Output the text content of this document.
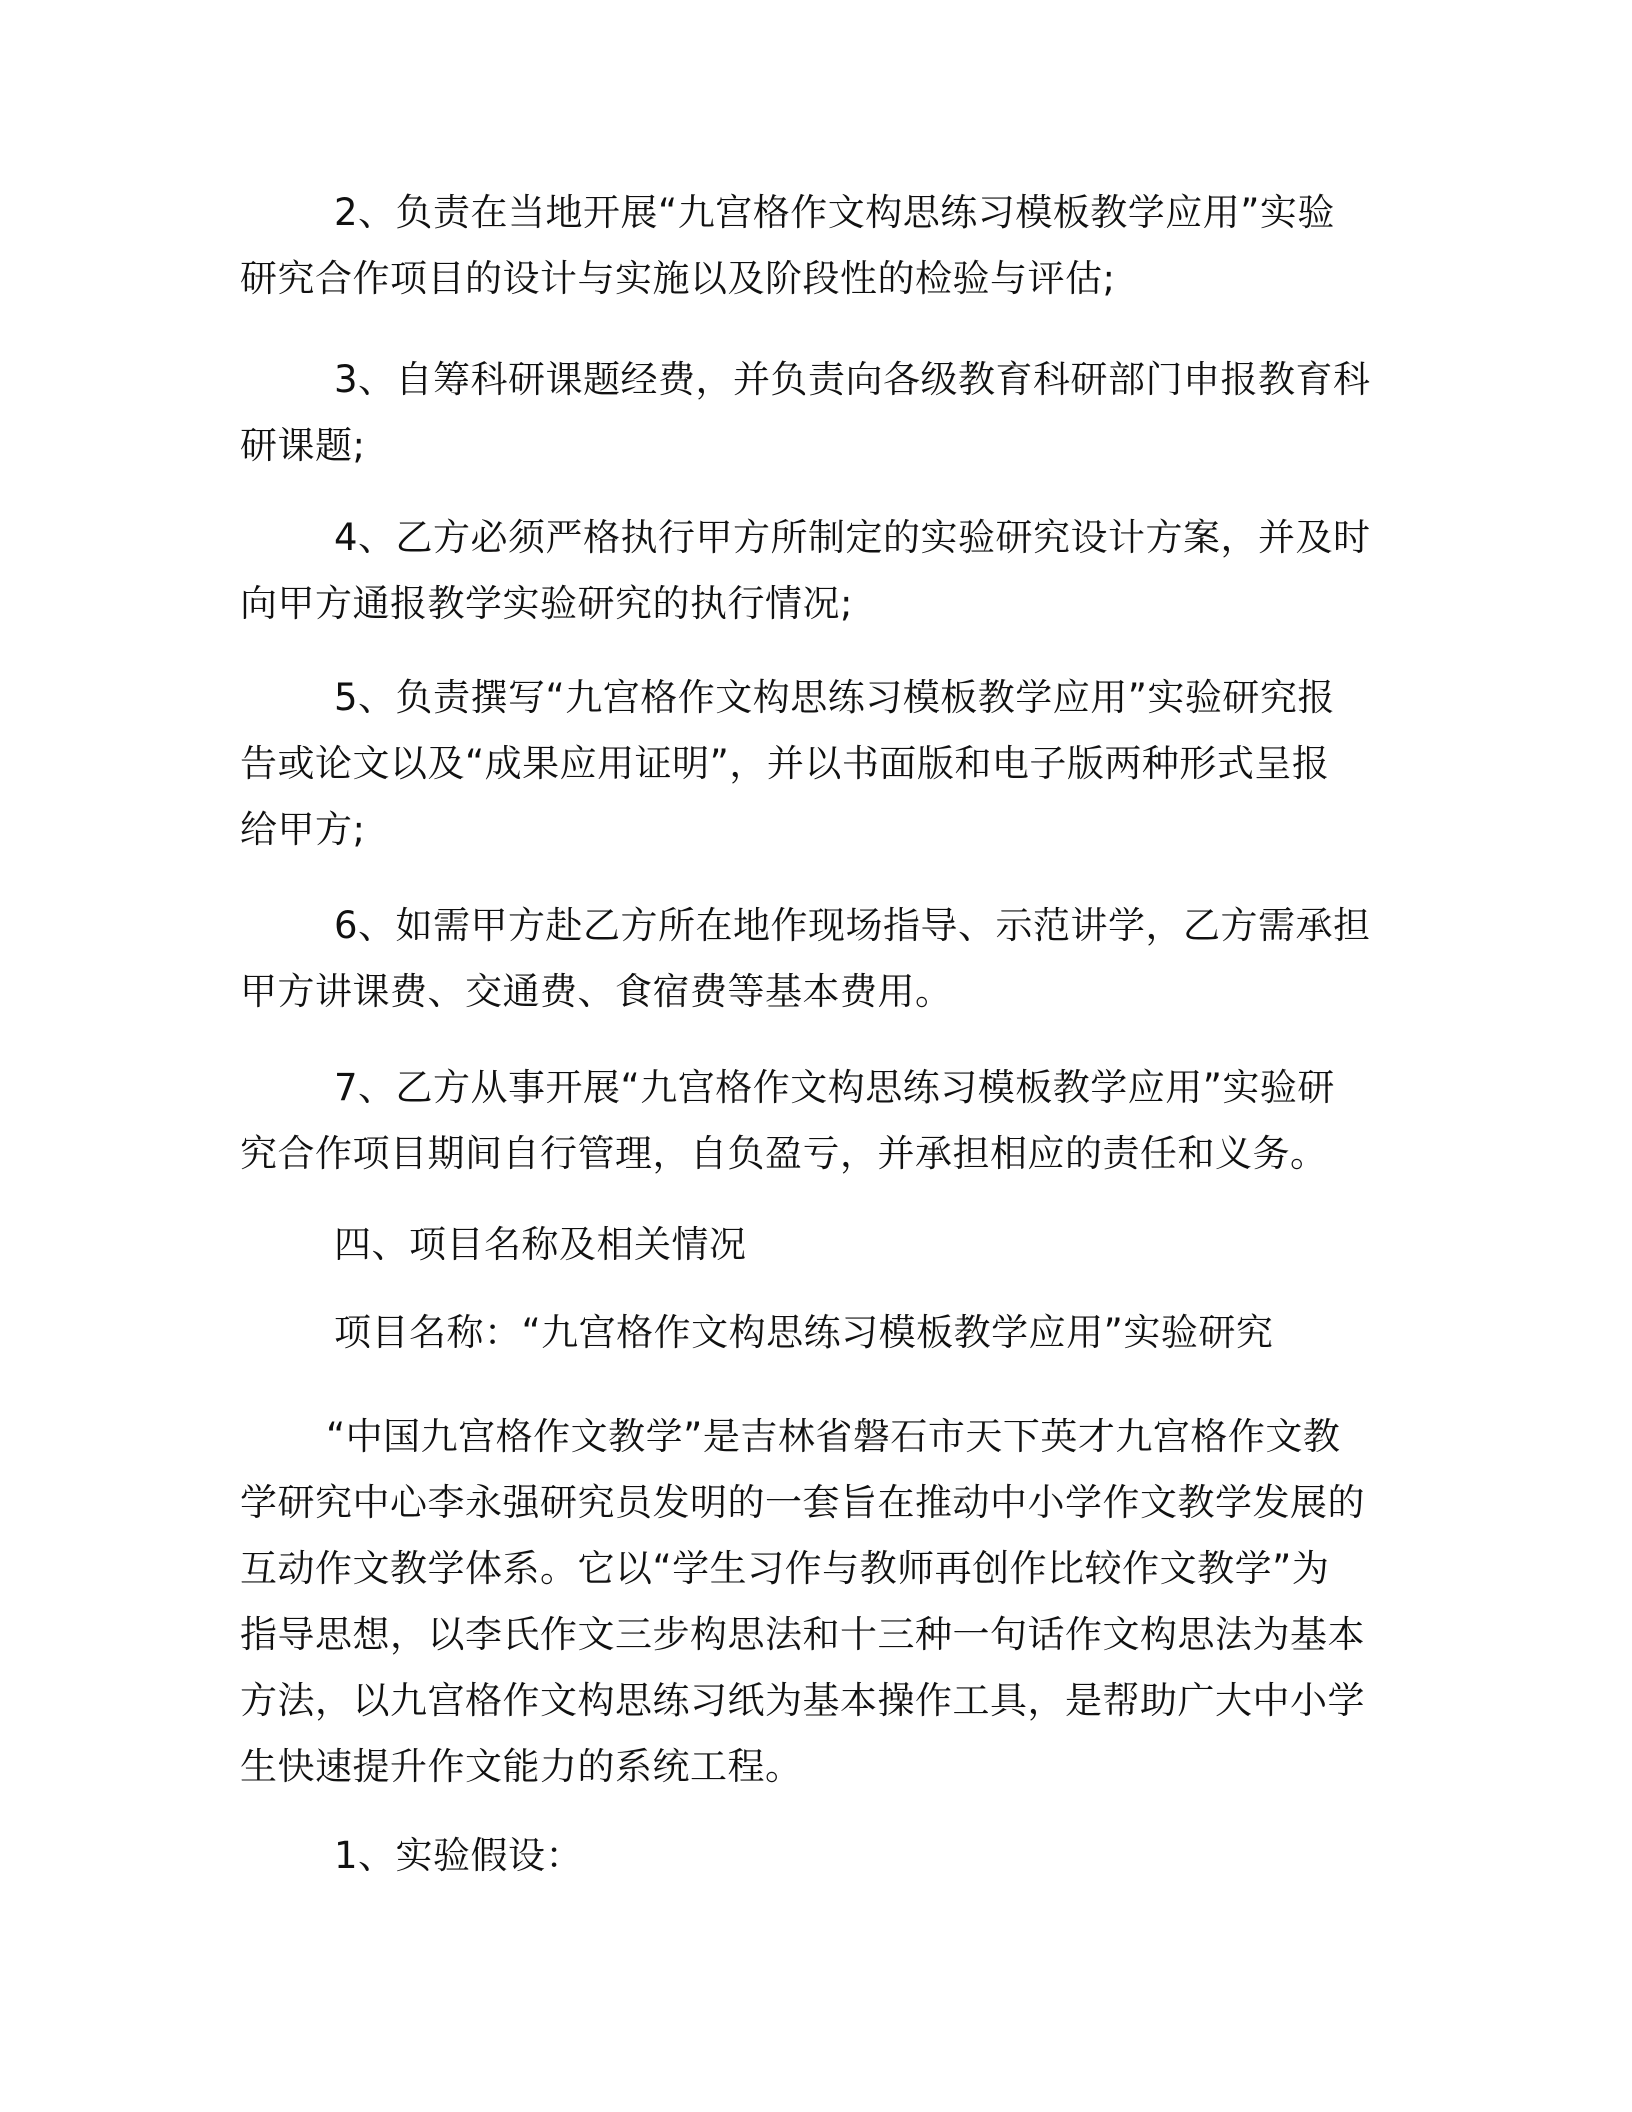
2、负责在当地开展“九宫格作文构思练习模板教学应用”实验
研究合作项目的设计与实施以及阶段性的检验与评估;

3、自筹科研课题经费，并负责向各级教育科研部门申报教育科
研课题;

4、乙方必须严格执行甲方所制定的实验研究设计方案，并及时
向甲方通报教学实验研究的执行情况;

5、负责撰写“九宫格作文构思练习模板教学应用”实验研究报
告或论文以及“成果应用证明”，并以书面版和电子版两种形式呈报
给甲方;

6、如需甲方赴乙方所在地作现场指导、示范讲学，乙方需承担
甲方讲课费、交通费、食宿费等基本费用。

7、乙方从事开展“九宫格作文构思练习模板教学应用”实验研
究合作项目期间自行管理，自负盈亏，并承担相应的责任和义务。

四、项目名称及相关情况

项目名称：“九宫格作文构思练习模板教学应用”实验研究

“中国九宫格作文教学”是吉林省磐石市天下英才九宫格作文教
学研究中心李永强研究员发明的一套旨在推动中小学作文教学发展的
互动作文教学体系。它以“学生习作与教师再创作比较作文教学”为
指导思想，以李氏作文三步构思法和十三种一句话作文构思法为基本
方法，以九宫格作文构思练习纸为基本操作工具，是帮助广大中小学
生快速提升作文能力的系统工程。

1、实验假设：
